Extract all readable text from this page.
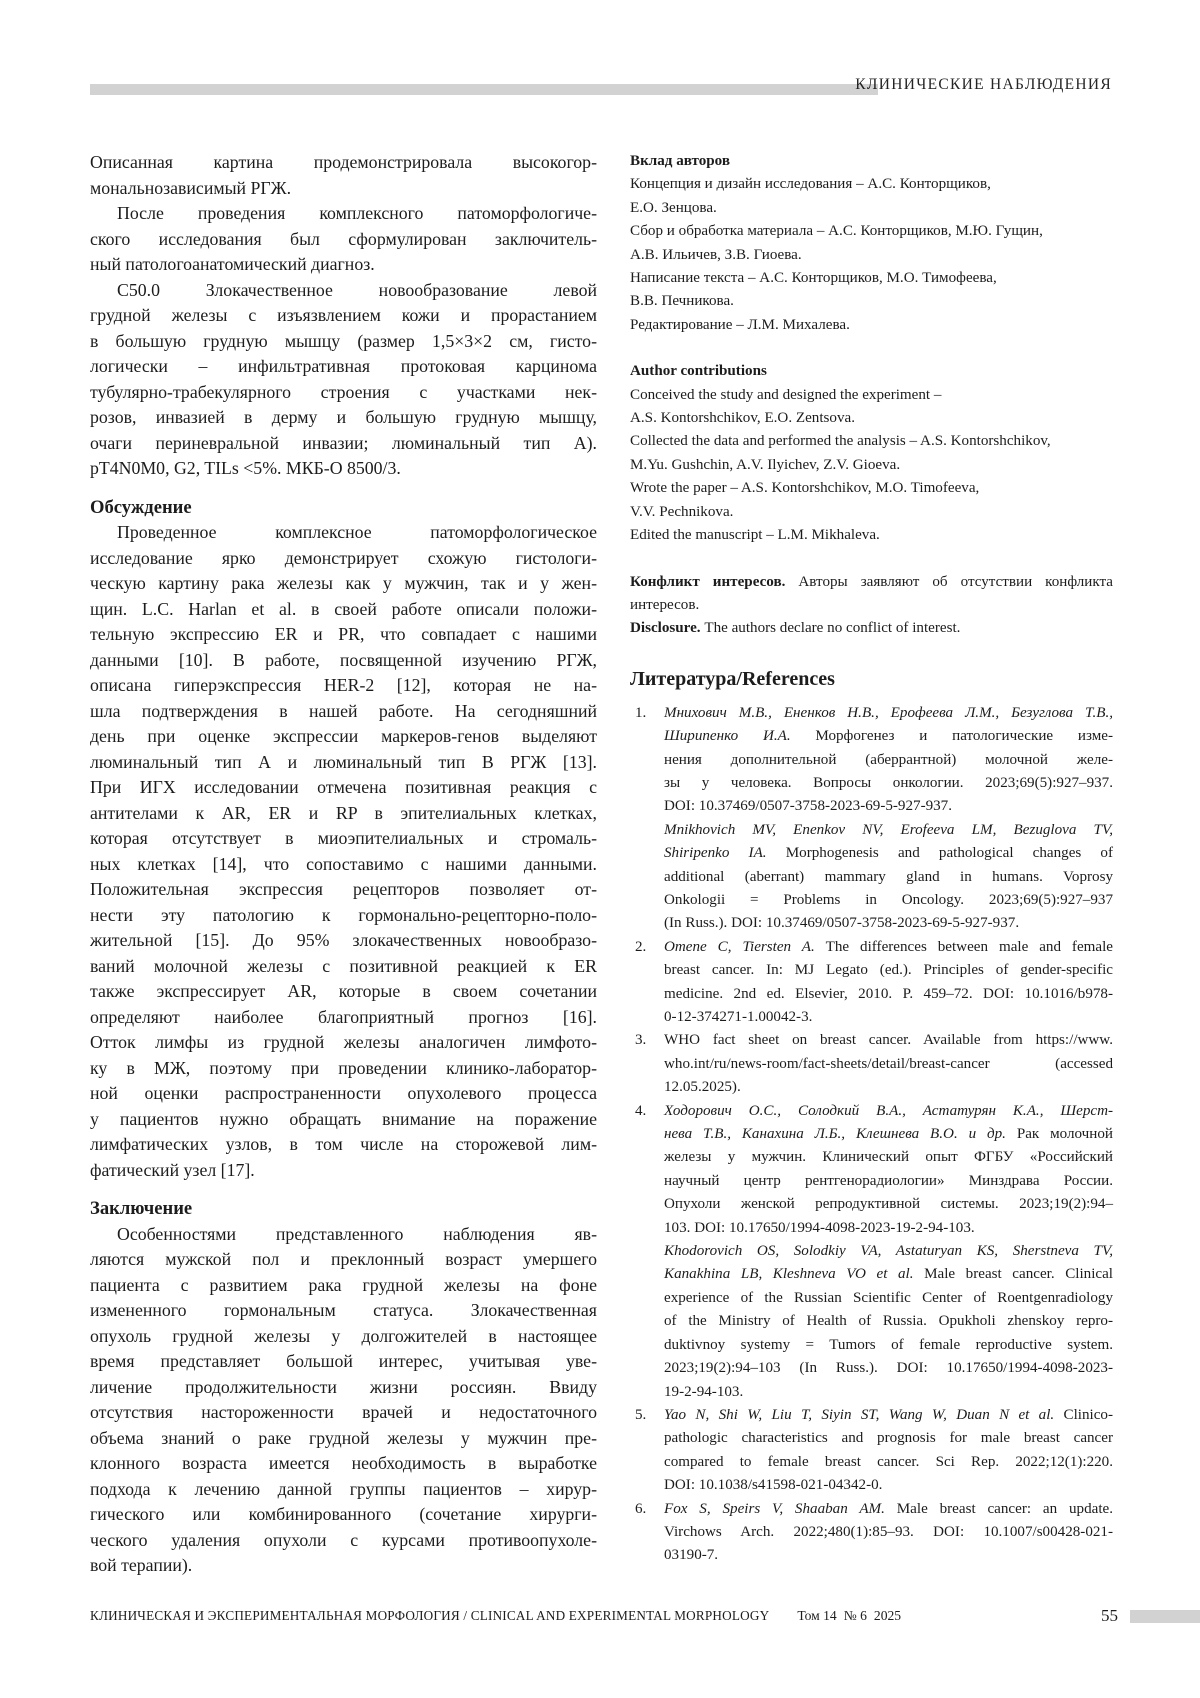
КЛИНИЧЕСКИЕ НАБЛЮДЕНИЯ
Описанная картина продемонстрировала высокогор-
мональнозависимый РГЖ.
После проведения комплексного патоморфологиче-
ского исследования был сформулирован заключитель-
ный патологоанатомический диагноз.
С50.0 Злокачественное новообразование левой
грудной железы с изъязвлением кожи и прорастанием
в большую грудную мышцу (размер 1,5×3×2 см, гисто-
логически – инфильтративная протоковая карцинома
тубулярно-трабекулярного строения с участками нек-
розов, инвазией в дерму и большую грудную мышцу,
очаги периневральной инвазии; люминальный тип А).
pT4N0M0, G2, TILs <5%. МКБ-О 8500/3.
Обсуждение
Проведенное комплексное патоморфологическое
исследование ярко демонстрирует схожую гистологи-
ческую картину рака железы как у мужчин, так и у жен-
щин. L.C. Harlan et al. в своей работе описали положи-
тельную экспрессию ER и PR, что совпадает с нашими
данными [10]. В работе, посвященной изучению РГЖ,
описана гиперэкспрессия HER-2 [12], которая не на-
шла подтверждения в нашей работе. На сегодняшний
день при оценке экспрессии маркеров-генов выделяют
люминальный тип А и люминальный тип В РГЖ [13].
При ИГХ исследовании отмечена позитивная реакция с
антителами к AR, ER и RP в эпителиальных клетках,
которая отсутствует в миоэпителиальных и стромаль-
ных клетках [14], что сопоставимо с нашими данными.
Положительная экспрессия рецепторов позволяет от-
нести эту патологию к гормонально-рецепторно-поло-
жительной [15]. До 95% злокачественных новообразо-
ваний молочной железы с позитивной реакцией к ER
также экспрессирует AR, которые в своем сочетании
определяют наиболее благоприятный прогноз [16].
Отток лимфы из грудной железы аналогичен лимфото-
ку в МЖ, поэтому при проведении клинико-лаборатор-
ной оценки распространенности опухолевого процесса
у пациентов нужно обращать внимание на поражение
лимфатических узлов, в том числе на сторожевой лим-
фатический узел [17].
Заключение
Особенностями представленного наблюдения яв-
ляются мужской пол и преклонный возраст умершего
пациента с развитием рака грудной железы на фоне
измененного гормональным статуса. Злокачественная
опухоль грудной железы у долгожителей в настоящее
время представляет большой интерес, учитывая уве-
личение продолжительности жизни россиян. Ввиду
отсутствия настороженности врачей и недостаточного
объема знаний о раке грудной железы у мужчин пре-
клонного возраста имеется необходимость в выработке
подхода к лечению данной группы пациентов – хирур-
гического или комбинированного (сочетание хирурги-
ческого удаления опухоли с курсами противоопухоле-
вой терапии).
Вклад авторов
Концепция и дизайн исследования – А.С. Конторщиков,
Е.О. Зенцова.
Сбор и обработка материала – А.С. Конторщиков, М.Ю. Гущин,
А.В. Ильичев, З.В. Гиоева.
Написание текста – А.С. Конторщиков, М.О. Тимофеева,
В.В. Печникова.
Редактирование – Л.М. Михалева.
Author contributions
Conceived the study and designed the experiment –
A.S. Kontorshchikov, E.O. Zentsova.
Collected the data and performed the analysis – A.S. Kontorshchikov,
M.Yu. Gushchin, A.V. Ilyichev, Z.V. Gioeva.
Wrote the paper – A.S. Kontorshchikov, M.O. Timofeeva,
V.V. Pechnikova.
Edited the manuscript – L.M. Mikhaleva.
Конфликт интересов. Авторы заявляют об отсутствии конфликта
интересов.
Disclosure. The authors declare no conflict of interest.
Литература/References
1. Мнихович М.В., Ененков Н.В., Ерофеева Л.М., Безуглова Т.В.,
Ширипенко И.А. Морфогенез и патологические изме-
нения дополнительной (аберрантной) молочной желе-
зы у человека. Вопросы онкологии. 2023;69(5):927–937.
DOI: 10.37469/0507-3758-2023-69-5-927-937.
Mnikhovich MV, Enenkov NV, Erofeeva LM, Bezuglova TV,
Shiripenko IA. Morphogenesis and pathological changes of
additional (aberrant) mammary gland in humans. Voprosy
Onkologii = Problems in Oncology. 2023;69(5):927–937
(In Russ.). DOI: 10.37469/0507-3758-2023-69-5-927-937.
2. Omene C, Tiersten A. The differences between male and female
breast cancer. In: MJ Legato (ed.). Principles of gender-specific
medicine. 2nd ed. Elsevier, 2010. P. 459–72. DOI: 10.1016/b978-
0-12-374271-1.00042-3.
3. WHO fact sheet on breast cancer. Available from https://www.
who.int/ru/news-room/fact-sheets/detail/breast-cancer (accessed
12.05.2025).
4. Ходорович О.С., Солодкий В.А., Астатурян К.А., Шерст-
нева Т.В., Канахина Л.Б., Клешнева В.О. и др. Рак молочной
железы у мужчин. Клинический опыт ФГБУ «Российский
научный центр рентгенорадиологии» Минздрава России.
Опухоли женской репродуктивной системы. 2023;19(2):94–
103. DOI: 10.17650/1994-4098-2023-19-2-94-103.
Khodorovich OS, Solodkiy VA, Astaturyan KS, Sherstneva TV,
Kanakhina LB, Kleshneva VO et al. Male breast cancer. Clinical
experience of the Russian Scientific Center of Roentgenradiology
of the Ministry of Health of Russia. Opukholi zhenskoy repro-
duktivnoy systemy = Tumors of female reproductive system.
2023;19(2):94–103 (In Russ.). DOI: 10.17650/1994-4098-2023-
19-2-94-103.
5. Yao N, Shi W, Liu T, Siyin ST, Wang W, Duan N et al. Clinico-
pathologic characteristics and prognosis for male breast cancer
compared to female breast cancer. Sci Rep. 2022;12(1):220.
DOI: 10.1038/s41598-021-04342-0.
6. Fox S, Speirs V, Shaaban AM. Male breast cancer: an update.
Virchows Arch. 2022;480(1):85–93. DOI: 10.1007/s00428-021-
03190-7.
КЛИНИЧЕСКАЯ И ЭКСПЕРИМЕНТАЛЬНАЯ МОРФОЛОГИЯ / CLINICAL AND EXPERIMENTAL MORPHOLOGY Том 14 № 6 2025	55
